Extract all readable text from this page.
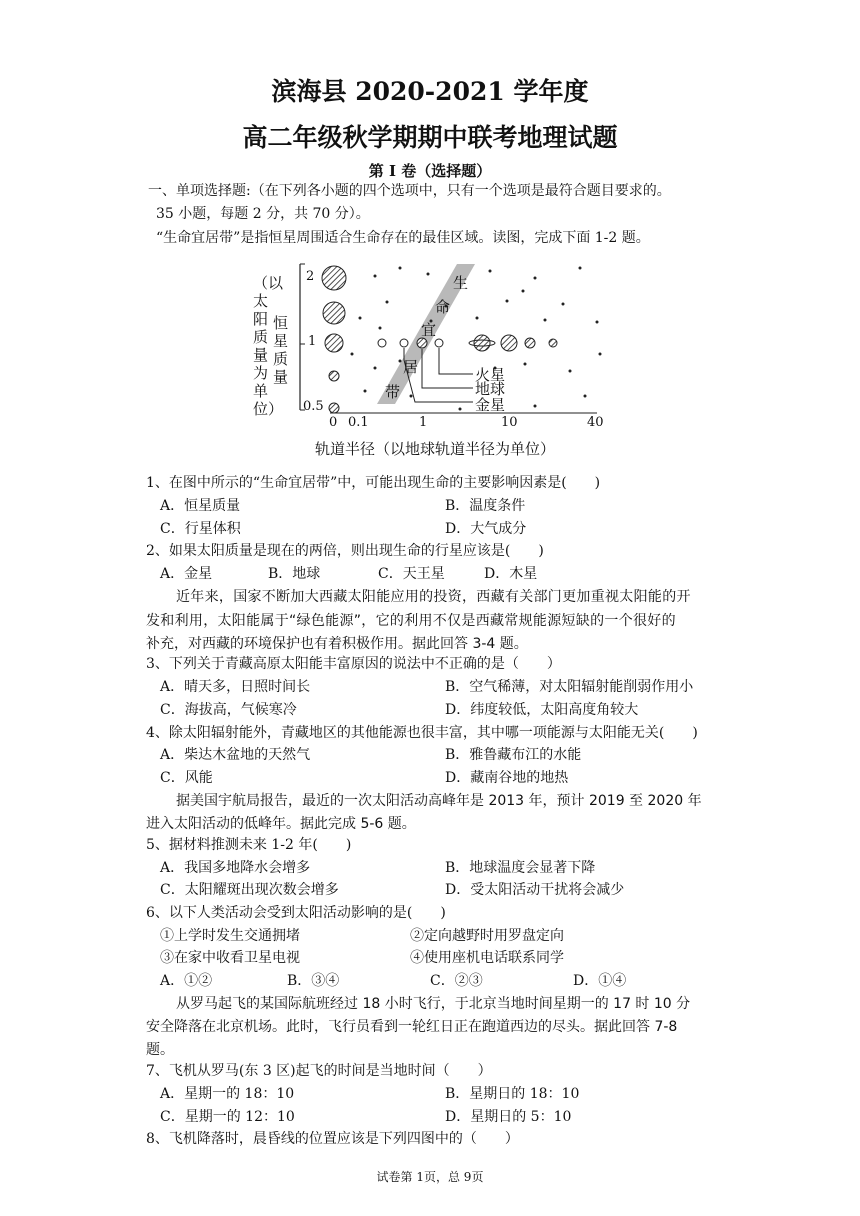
滨海县 2020-2021 学年度
高二年级秋学期期中联考地理试题
第 I 卷（选择题）
一、单项选择题:（在下列各小题的四个选项中，只有一个选项是最符合题目要求的。
35 小题，每题 2 分，共 70 分）。
“生命宜居带”是指恒星周围适合生命存在的最佳区域。读图，完成下面 1-2 题。
（以太阳质量为单位）
恒星质量
2
1
0.5
0 0.1	1	10	40
生
命
宜
居
带
火星
地球
金星
轨道半径（以地球轨道半径为单位）
1、在图中所示的“生命宜居带”中，可能出现生命的主要影响因素是(　　)
A．恒星质量	B．温度条件
C．行星体积	D．大气成分
2、如果太阳质量是现在的两倍，则出现生命的行星应该是(　　)
A．金星	B．地球	C．天王星	D．木星
近年来，国家不断加大西藏太阳能应用的投资，西藏有关部门更加重视太阳能的开
发和利用，太阳能属于“绿色能源”，它的利用不仅是西藏常规能源短缺的一个很好的
补充，对西藏的环境保护也有着积极作用。据此回答 3-4 题。
3、下列关于青藏高原太阳能丰富原因的说法中不正确的是（　　）
A．晴天多，日照时间长	B．空气稀薄，对太阳辐射能削弱作用小
C．海拔高，气候寒冷	D．纬度较低，太阳高度角较大
4、除太阳辐射能外，青藏地区的其他能源也很丰富，其中哪一项能源与太阳能无关(　　)
A．柴达木盆地的天然气	B．雅鲁藏布江的水能
C．风能	D．藏南谷地的地热
据美国宇航局报告，最近的一次太阳活动高峰年是 2013 年，预计 2019 至 2020 年
进入太阳活动的低峰年。据此完成 5-6 题。
5、据材料推测未来 1-2 年(　　)
A．我国多地降水会增多	B．地球温度会显著下降
C．太阳耀斑出现次数会增多	D．受太阳活动干扰将会减少
6、以下人类活动会受到太阳活动影响的是(　　)
①上学时发生交通拥堵	②定向越野时用罗盘定向
③在家中收看卫星电视	④使用座机电话联系同学
A．①②	B．③④	C．②③	D．①④
从罗马起飞的某国际航班经过 18 小时飞行，于北京当地时间星期一的 17 时 10 分
安全降落在北京机场。此时，飞行员看到一轮红日正在跑道西边的尽头。据此回答 7-8
题。
7、飞机从罗马(东 3 区)起飞的时间是当地时间（　　）
A．星期一的 18：10	B．星期日的 18：10
C．星期一的 12：10	D．星期日的 5：10
8、飞机降落时，晨昏线的位置应该是下列四图中的（　　）
试卷第 1页，总 9页
